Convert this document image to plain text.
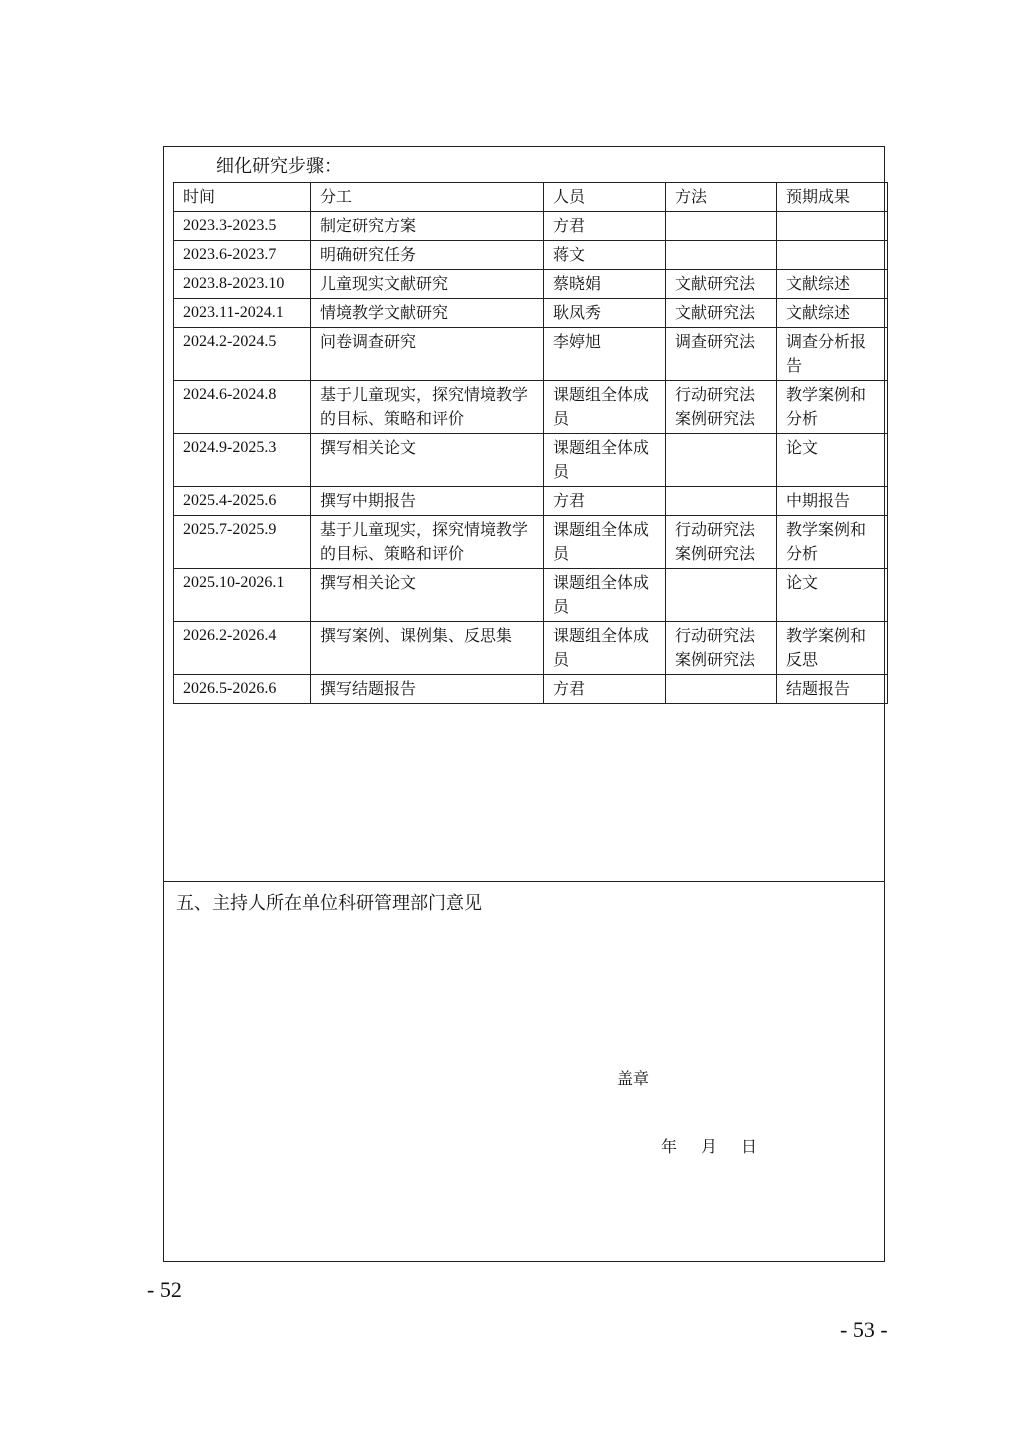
细化研究步骤：
时间	分工	人员	方法	预期成果
2023.3-2023.5	制定研究方案	方君		
2023.6-2023.7	明确研究任务	蒋文		
2023.8-2023.10	儿童现实文献研究	蔡晓娟	文献研究法	文献综述
2023.11-2024.1	情境教学文献研究	耿凤秀	文献研究法	文献综述
2024.2-2024.5	问卷调查研究	李婷旭	调查研究法	调查分析报告
2024.6-2024.8	基于儿童现实，探究情境教学的目标、策略和评价	课题组全体成员	行动研究法案例研究法	教学案例和分析
2024.9-2025.3	撰写相关论文	课题组全体成员		论文
2025.4-2025.6	撰写中期报告	方君		中期报告
2025.7-2025.9	基于儿童现实，探究情境教学的目标、策略和评价	课题组全体成员	行动研究法案例研究法	教学案例和分析
2025.10-2026.1	撰写相关论文	课题组全体成员		论文
2026.2-2026.4	撰写案例、课例集、反思集	课题组全体成员	行动研究法案例研究法	教学案例和反思
2026.5-2026.6	撰写结题报告	方君		结题报告
五、主持人所在单位科研管理部门意见
盖章
年 月 日
- 52
- 53 -
